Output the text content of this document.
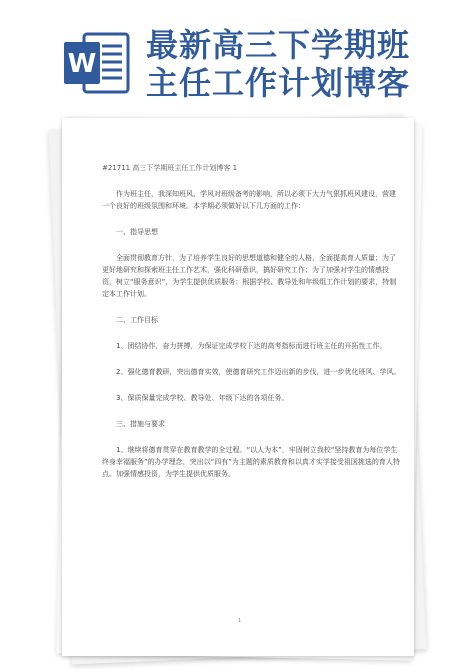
W 最新高三下学期班
主任工作计划博客

#21711 高三下学期班主任工作计划博客 1

作为班主任，我深知班风、学风对班级备考的影响，所以必须下大力气狠抓班风建设，营建一个良好的班级氛围和环境。本学期必须做好以下几方面的工作：

一、指导思想

全面贯彻教育方针，为了培养学生良好的思想道德和健全的人格，全面提高育人质量；为了更好地研究和探索班主任工作艺术，强化科研意识，搞好研究工作；为了加强对学生的情感投资，树立“服务意识”，为学生提供优质服务；根据学校、教导处和年级组工作计划的要求，特制定本工作计划。

二、工作目标

1、团结协作，奋力拼搏，为保证完成学校下达的高考指标而进行班主任的开拓性工作。

2、强化德育教研，突出德育实效，使德育研究工作迈出新的步伐，进一步优化班风、学风。

3、保质保量完成学校、教导处、年级下达的各项任务。

三、措施与要求

1、继续将德育贯穿在教育教学的全过程。“以人为本”，牢固树立我校“坚持教育为每位学生终身幸福服务”的办学理念，突出以“四有”为主题的素质教育和以真才实学接受祖国挑选的育人特点。加强情感投资，为学生提供优质服务。

1
